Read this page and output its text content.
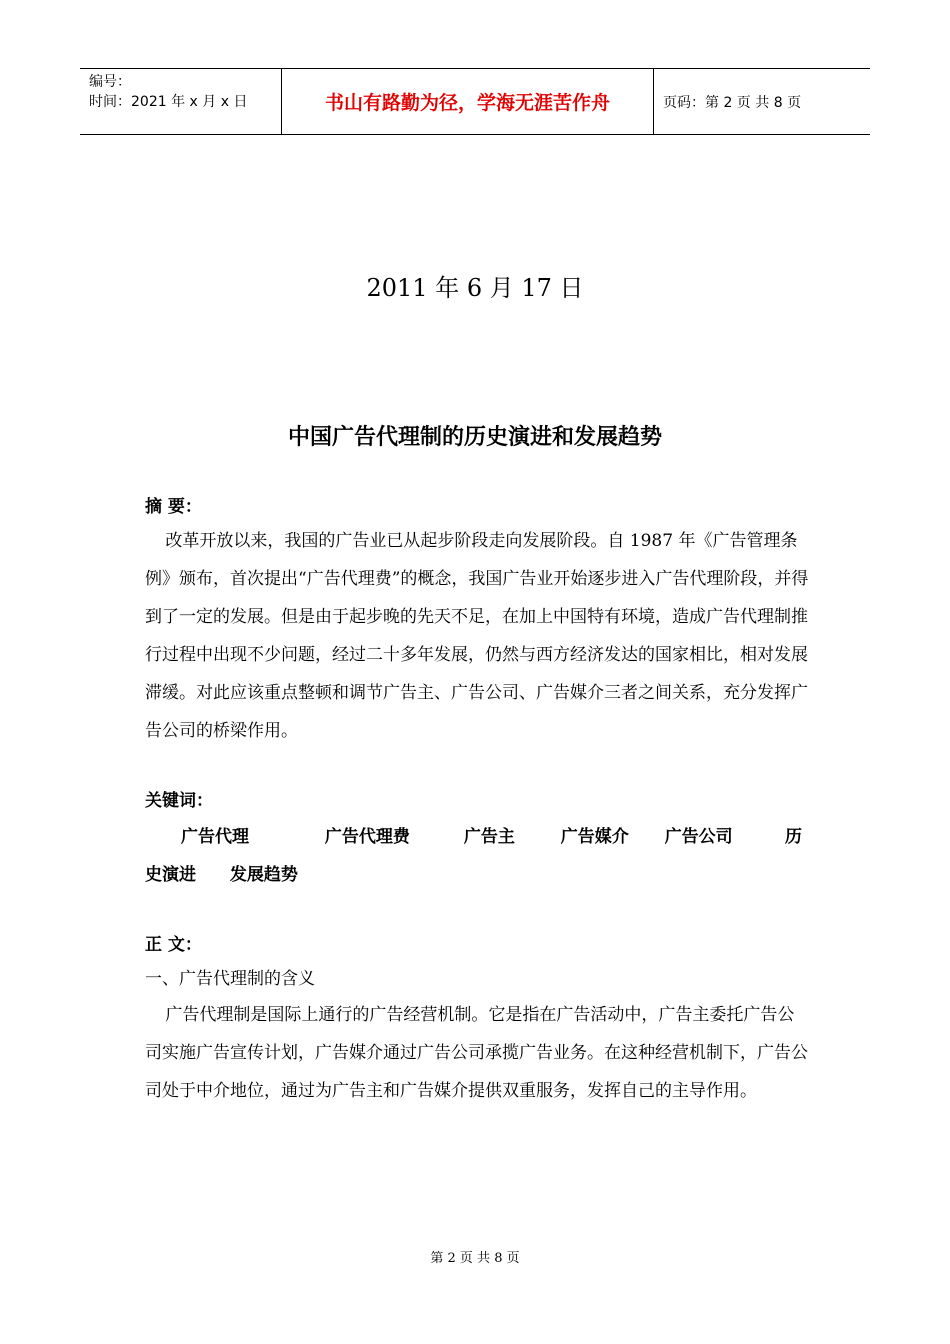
编号：
时间：2021 年 x 月 x 日	书山有路勤为径，学海无涯苦作舟	页码：第 2 页 共 8 页
2011 年 6 月 17 日
中国广告代理制的历史演进和发展趋势
摘 要：

改革开放以来，我国的广告业已从起步阶段走向发展阶段。自 1987 年《广告管理条例》颁布，首次提出“广告代理费”的概念，我国广告业开始逐步进入广告代理阶段，并得到了一定的发展。但是由于起步晚的先天不足，在加上中国特有环境，造成广告代理制推行过程中出现不少问题，经过二十多年发展，仍然与西方经济发达的国家相比，相对发展滞缓。对此应该重点整顿和调节广告主、广告公司、广告媒介三者之间关系，充分发挥广告公司的桥梁作用。

关键词：
广告代理	广告代理费	广告主	广告媒介 广告公司	历
史演进 发展趋势
正 文：
一、广告代理制的含义

广告代理制是国际上通行的广告经营机制。它是指在广告活动中，广告主委托广告公司实施广告宣传计划，广告媒介通过广告公司承揽广告业务。在这种经营机制下，广告公司处于中介地位，通过为广告主和广告媒介提供双重服务，发挥自己的主导作用。

第 2 页 共 8 页
